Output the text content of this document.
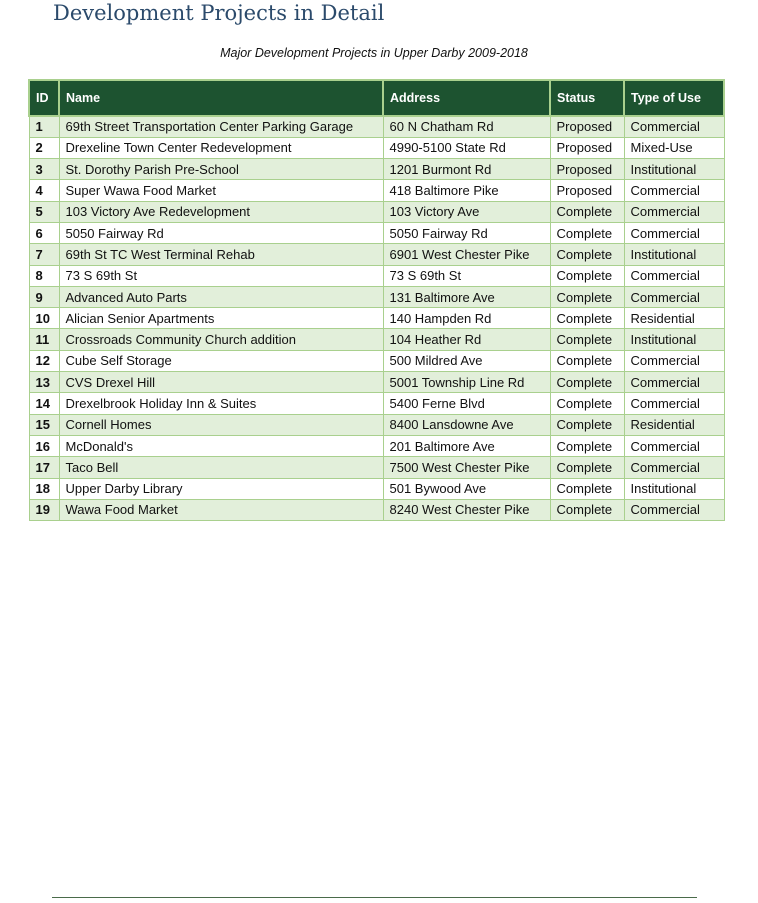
Development Projects in Detail
Major Development Projects in Upper Darby 2009-2018
ID	Name	Address	Status	Type of Use
1	69th Street Transportation Center Parking Garage	60 N Chatham Rd	Proposed	Commercial
2	Drexeline Town Center Redevelopment	4990-5100 State Rd	Proposed	Mixed-Use
3	St. Dorothy Parish Pre-School	1201 Burmont Rd	Proposed	Institutional
4	Super Wawa Food Market	418 Baltimore Pike	Proposed	Commercial
5	103 Victory Ave Redevelopment	103 Victory Ave	Complete	Commercial
6	5050 Fairway Rd	5050 Fairway Rd	Complete	Commercial
7	69th St TC West Terminal Rehab	6901 West Chester Pike	Complete	Institutional
8	73 S 69th St	73 S 69th St	Complete	Commercial
9	Advanced Auto Parts	131 Baltimore Ave	Complete	Commercial
10	Alician Senior Apartments	140 Hampden Rd	Complete	Residential
11	Crossroads Community Church addition	104 Heather Rd	Complete	Institutional
12	Cube Self Storage	500 Mildred Ave	Complete	Commercial
13	CVS Drexel Hill	5001 Township Line Rd	Complete	Commercial
14	Drexelbrook Holiday Inn & Suites	5400 Ferne Blvd	Complete	Commercial
15	Cornell Homes	8400 Lansdowne Ave	Complete	Residential
16	McDonald's	201 Baltimore Ave	Complete	Commercial
17	Taco Bell	7500 West Chester Pike	Complete	Commercial
18	Upper Darby Library	501 Bywood Ave	Complete	Institutional
19	Wawa Food Market	8240 West Chester Pike	Complete	Commercial
